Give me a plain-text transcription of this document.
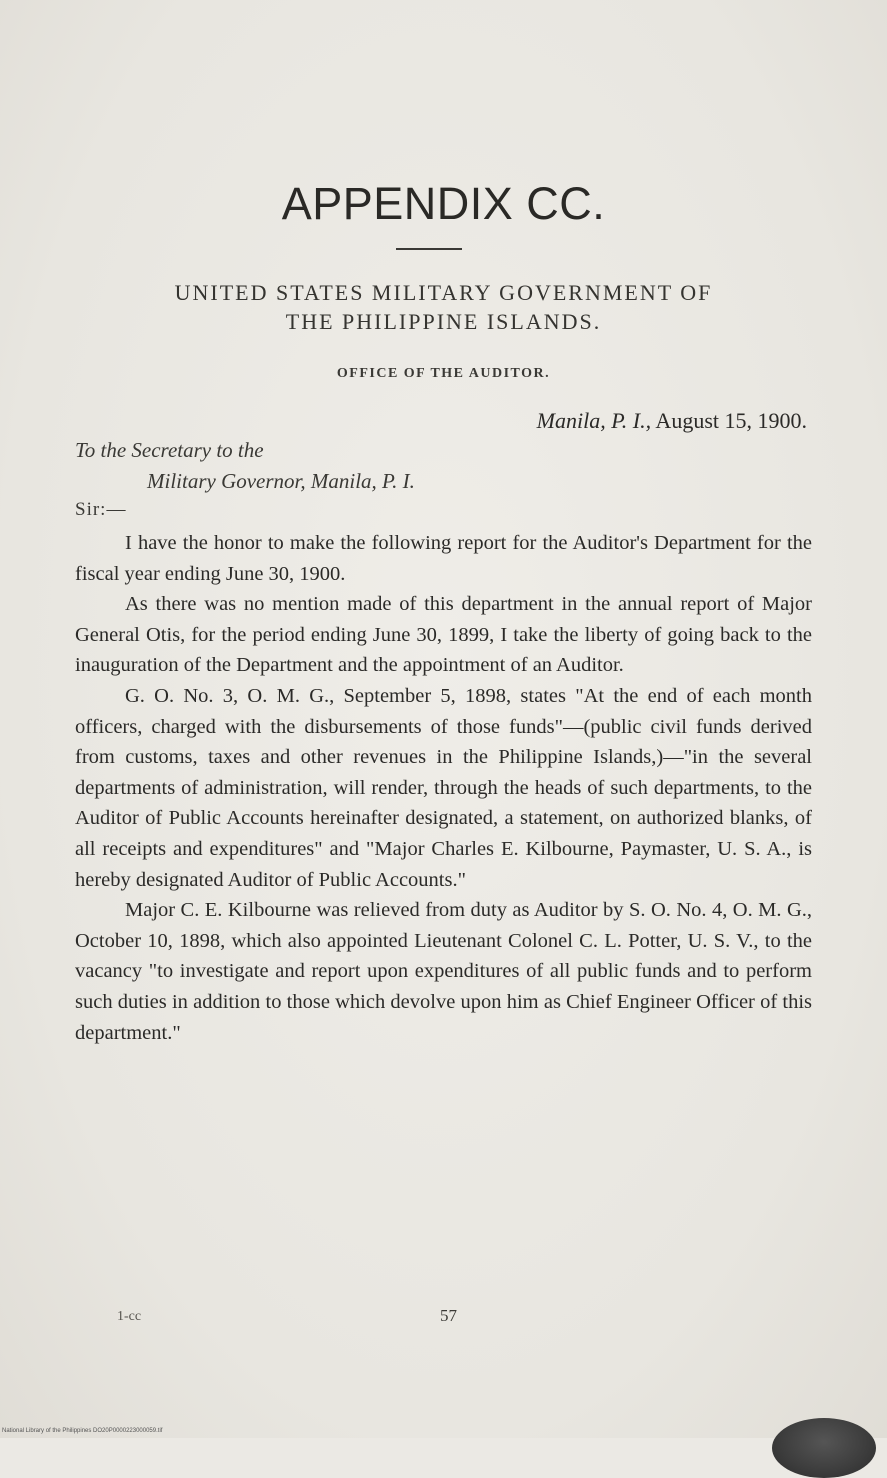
APPENDIX CC.
UNITED STATES MILITARY GOVERNMENT OF
THE PHILIPPINE ISLANDS.
OFFICE OF THE AUDITOR.
Manila, P. I., August 15, 1900.
To the Secretary to the
Military Governor, Manila, P. I.
Sir:—

I have the honor to make the following report for the Auditor's Department for the fiscal year ending June 30, 1900.

As there was no mention made of this department in the annual report of Major General Otis, for the period ending June 30, 1899, I take the liberty of going back to the inauguration of the Department and the appointment of an Auditor.

G. O. No. 3, O. M. G., September 5, 1898, states "At the end of each month officers, charged with the disbursements of those funds"—(public civil funds derived from customs, taxes and other revenues in the Philippine Islands,)—"in the several departments of administration, will render, through the heads of such departments, to the Auditor of Public Accounts hereinafter designated, a statement, on authorized blanks, of all receipts and expenditures" and "Major Charles E. Kilbourne, Paymaster, U. S. A., is hereby designated Auditor of Public Accounts."

Major C. E. Kilbourne was relieved from duty as Auditor by S. O. No. 4, O. M. G., October 10, 1898, which also appointed Lieutenant Colonel C. L. Potter, U. S. V., to the vacancy "to investigate and report upon expenditures of all public funds and to perform such duties in addition to those which devolve upon him as Chief Engineer Officer of this department."

1-cc	57
National Library of the Philippines DO20P0000223000059.tif
